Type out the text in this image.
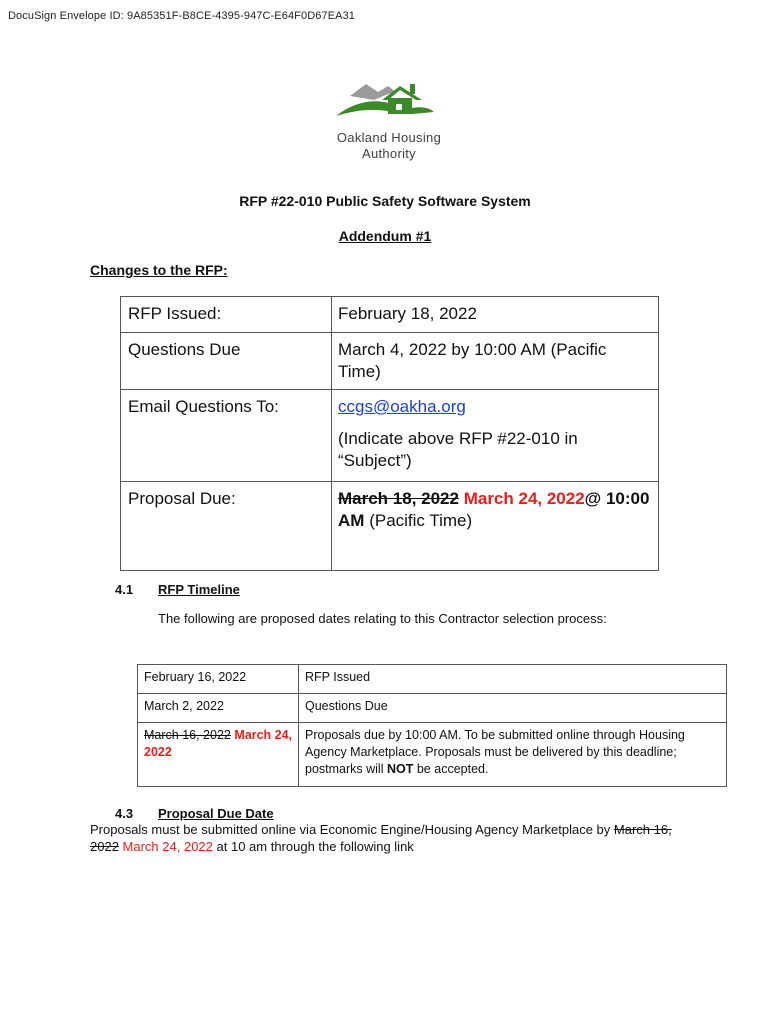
DocuSign Envelope ID: 9A85351F-B8CE-4395-947C-E64F0D67EA31
Oakland Housing
Authority
RFP #22-010 Public Safety Software System
Addendum #1
Changes to the RFP:
RFP Issued:	February 18, 2022
Questions Due	March 4, 2022 by 10:00 AM (Pacific Time)
Email Questions To:	ccgs@oakha.org
(Indicate above RFP #22-010 in “Subject”)

Proposal Due:	March 18, 2022 March 24, 2022@ 10:00 AM (Pacific Time)
4.1 RFP Timeline
The following are proposed dates relating to this Contractor selection process:
February 16, 2022	RFP Issued
March 2, 2022	Questions Due
March 16, 2022 March 24, 2022	Proposals due by 10:00 AM. To be submitted online through Housing Agency Marketplace. Proposals must be delivered by this deadline; postmarks will NOT be accepted.
4.3 Proposal Due Date
Proposals must be submitted online via Economic Engine/Housing Agency Marketplace by March 16, 2022 March 24, 2022 at 10 am through the following link
